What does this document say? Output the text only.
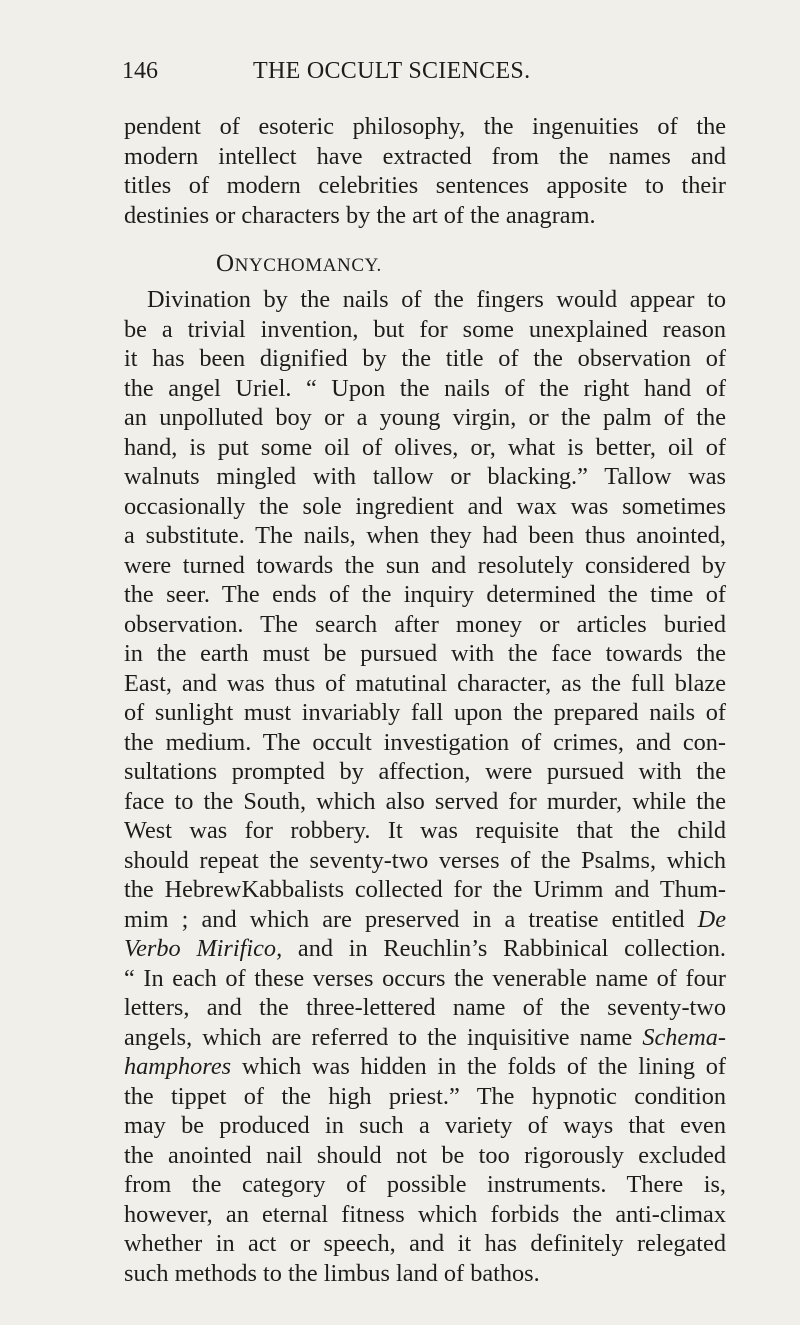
146	THE OCCULT SCIENCES.
pendent of esoteric philosophy, the ingenuities of the
modern intellect have extracted from the names and
titles of modern celebrities sentences apposite to their
destinies or characters by the art of the anagram.
ONYCHOMANCY.
Divination by the nails of the fingers would appear to
be a trivial invention, but for some unexplained reason
it has been dignified by the title of the observation of
the angel Uriel. “ Upon the nails of the right hand of
an unpolluted boy or a young virgin, or the palm of the
hand, is put some oil of olives, or, what is better, oil of
walnuts mingled with tallow or blacking.” Tallow was
occasionally the sole ingredient and wax was sometimes
a substitute. The nails, when they had been thus anointed,
were turned towards the sun and resolutely considered by
the seer. The ends of the inquiry determined the time of
observation. The search after money or articles buried
in the earth must be pursued with the face towards the
East, and was thus of matutinal character, as the full blaze
of sunlight must invariably fall upon the prepared nails of
the medium. The occult investigation of crimes, and con-
sultations prompted by affection, were pursued with the
face to the South, which also served for murder, while the
West was for robbery. It was requisite that the child
should repeat the seventy-two verses of the Psalms, which
the HebrewKabbalists collected for the Urimm and Thum-
mim ; and which are preserved in a treatise entitled De
Verbo Mirifico, and in Reuchlin’s Rabbinical collection.
“ In each of these verses occurs the venerable name of four
letters, and the three-lettered name of the seventy-two
angels, which are referred to the inquisitive name Schema-
hamphores which was hidden in the folds of the lining of
the tippet of the high priest.” The hypnotic condition
may be produced in such a variety of ways that even
the anointed nail should not be too rigorously excluded
from the category of possible instruments. There is,
however, an eternal fitness which forbids the anti-climax
whether in act or speech, and it has definitely relegated
such methods to the limbus land of bathos.
